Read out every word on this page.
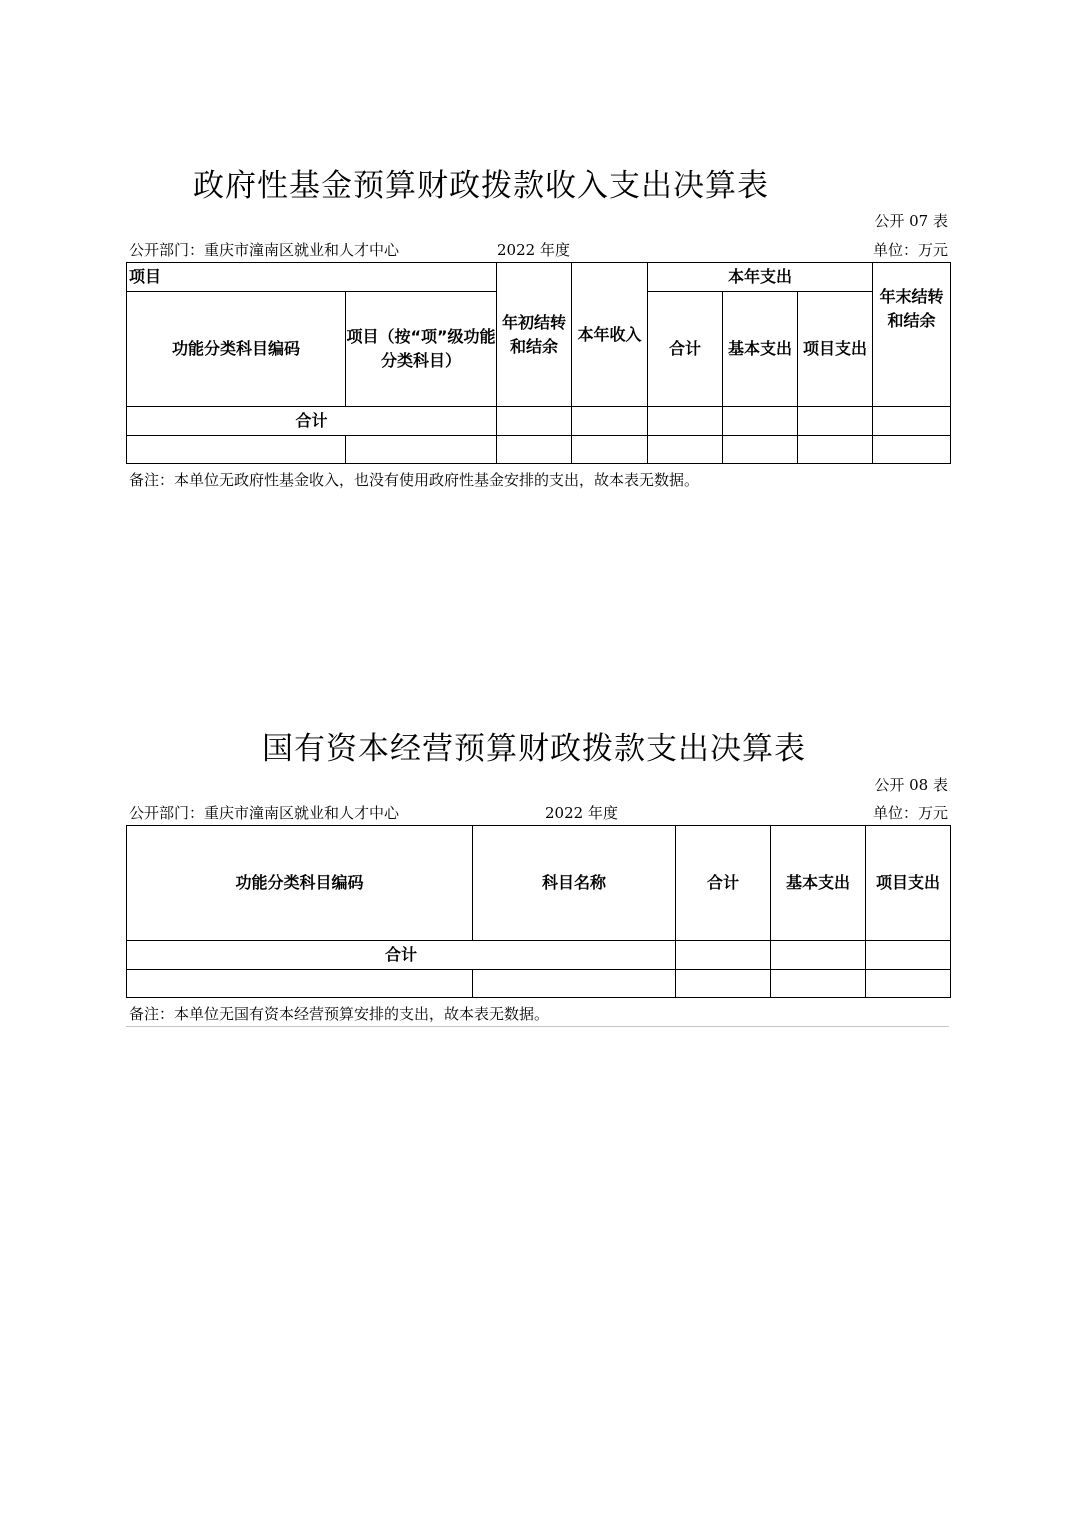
政府性基金预算财政拨款收入支出决算表
公开 07 表
公开部门：重庆市潼南区就业和人才中心	2022 年度	单位：万元
项目		年初结转和结余	本年收入	本年支出			年末结转和结余
功能分类科目编码	项目（按“项”级功能分类科目）			合计	基本支出	项目支出	
合计							

备注：本单位无政府性基金收入，也没有使用政府性基金安排的支出，故本表无数据。
国有资本经营预算财政拨款支出决算表
公开 08 表
公开部门：重庆市潼南区就业和人才中心	2022 年度	单位：万元
功能分类科目编码	科目名称	合计	基本支出	项目支出
合计				

备注：本单位无国有资本经营预算安排的支出，故本表无数据。
